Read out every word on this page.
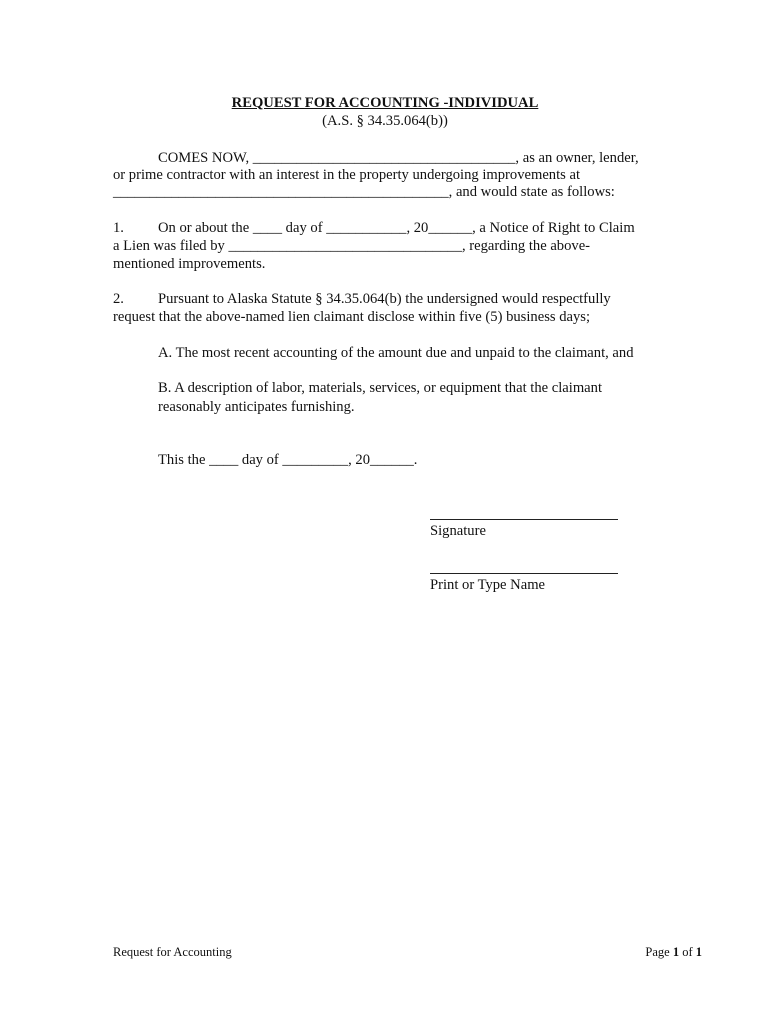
REQUEST FOR ACCOUNTING -INDIVIDUAL
(A.S. § 34.35.064(b))
COMES NOW, ____________________________________, as an owner, lender,
or prime contractor with an interest in the property undergoing improvements at
______________________________________________, and would state as follows:
1. On or about the ____ day of ___________, 20______, a Notice of Right to Claim
a Lien was filed by ________________________________, regarding the above-
mentioned improvements.
2. Pursuant to Alaska Statute § 34.35.064(b) the undersigned would respectfully
request that the above-named lien claimant disclose within five (5) business days;
A. The most recent accounting of the amount due and unpaid to the claimant, and
B. A description of labor, materials, services, or equipment that the claimant
reasonably anticipates furnishing.
This the ____ day of _________, 20______.
Signature
Print or Type Name
Request for Accounting	Page 1 of 1
